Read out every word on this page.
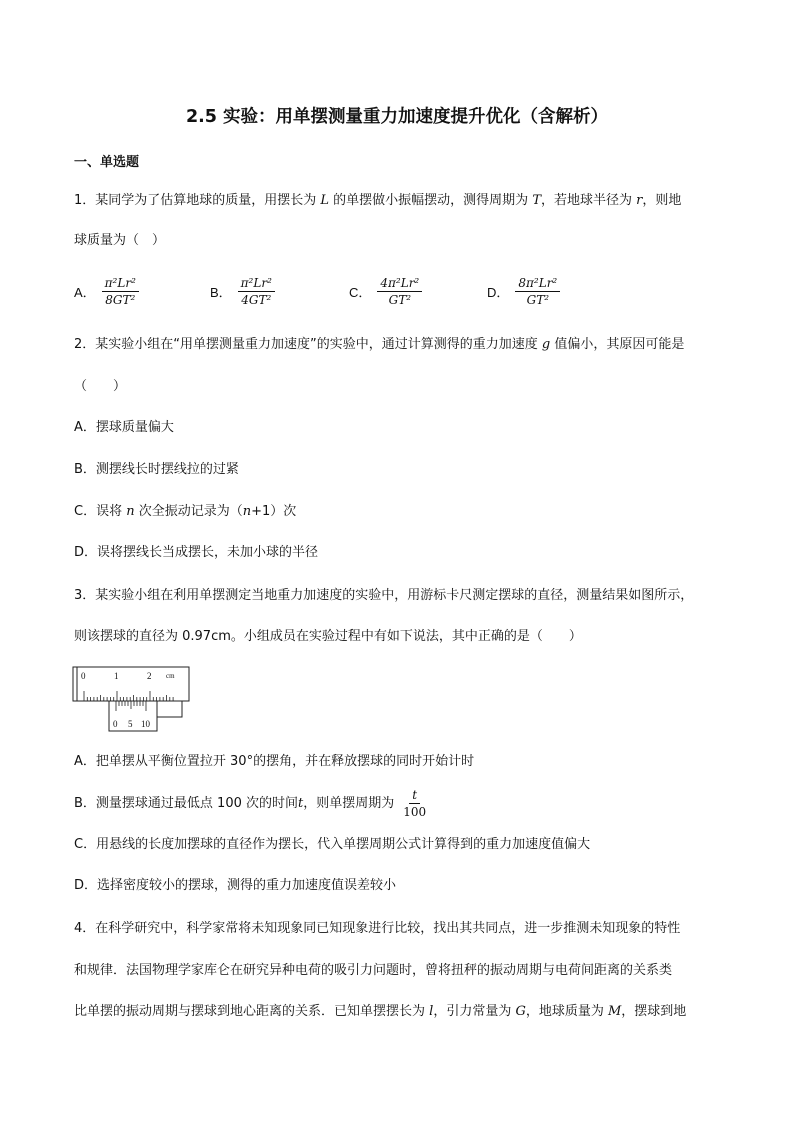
2.5 实验：用单摆测量重力加速度提升优化（含解析）
一、单选题
1．某同学为了估算地球的质量，用摆长为 L 的单摆做小振幅摆动，测得周期为 T，若地球半径为 r，则地
球质量为（　）
A． $\frac{\text{π²Lr²}}{\text{8GT²}}$	B． $\frac{\text{π²Lr²}}{\text{4GT²}}$	C． $\frac{\text{4π²Lr²}}{\text{GT²}}$	D． $\frac{\text{8π²Lr²}}{\text{GT²}}$
2．某实验小组在“用单摆测量重力加速度”的实验中，通过计算测得的重力加速度 g 值偏小，其原因可能是
（　　）
A．摆球质量偏大
B．测摆线长时摆线拉的过紧
C．误将 n 次全振动记录为（n+1）次
D．误将摆线长当成摆长，未加小球的半径
3．某实验小组在利用单摆测定当地重力加速度的实验中，用游标卡尺测定摆球的直径，测量结果如图所示，
则该摆球的直径为 0.97cm。小组成员在实验过程中有如下说法，其中正确的是（　　）
0	1	2 cm
0 5 10
A．把单摆从平衡位置拉开 30°的摆角，并在释放摆球的同时开始计时
B．测量摆球通过最低点 100 次的时间 t ，则单摆周期为 $\frac{t}{100}$
C．用悬线的长度加摆球的直径作为摆长，代入单摆周期公式计算得到的重力加速度值偏大
D．选择密度较小的摆球，测得的重力加速度值误差较小
4．在科学研究中，科学家常将未知现象同已知现象进行比较，找出其共同点，进一步推测未知现象的特性
和规律．法国物理学家库仑在研究异种电荷的吸引力问题时，曾将扭秤的振动周期与电荷间距离的关系类
比单摆的振动周期与摆球到地心距离的关系．已知单摆摆长为 l，引力常量为 G，地球质量为 M，摆球到地
